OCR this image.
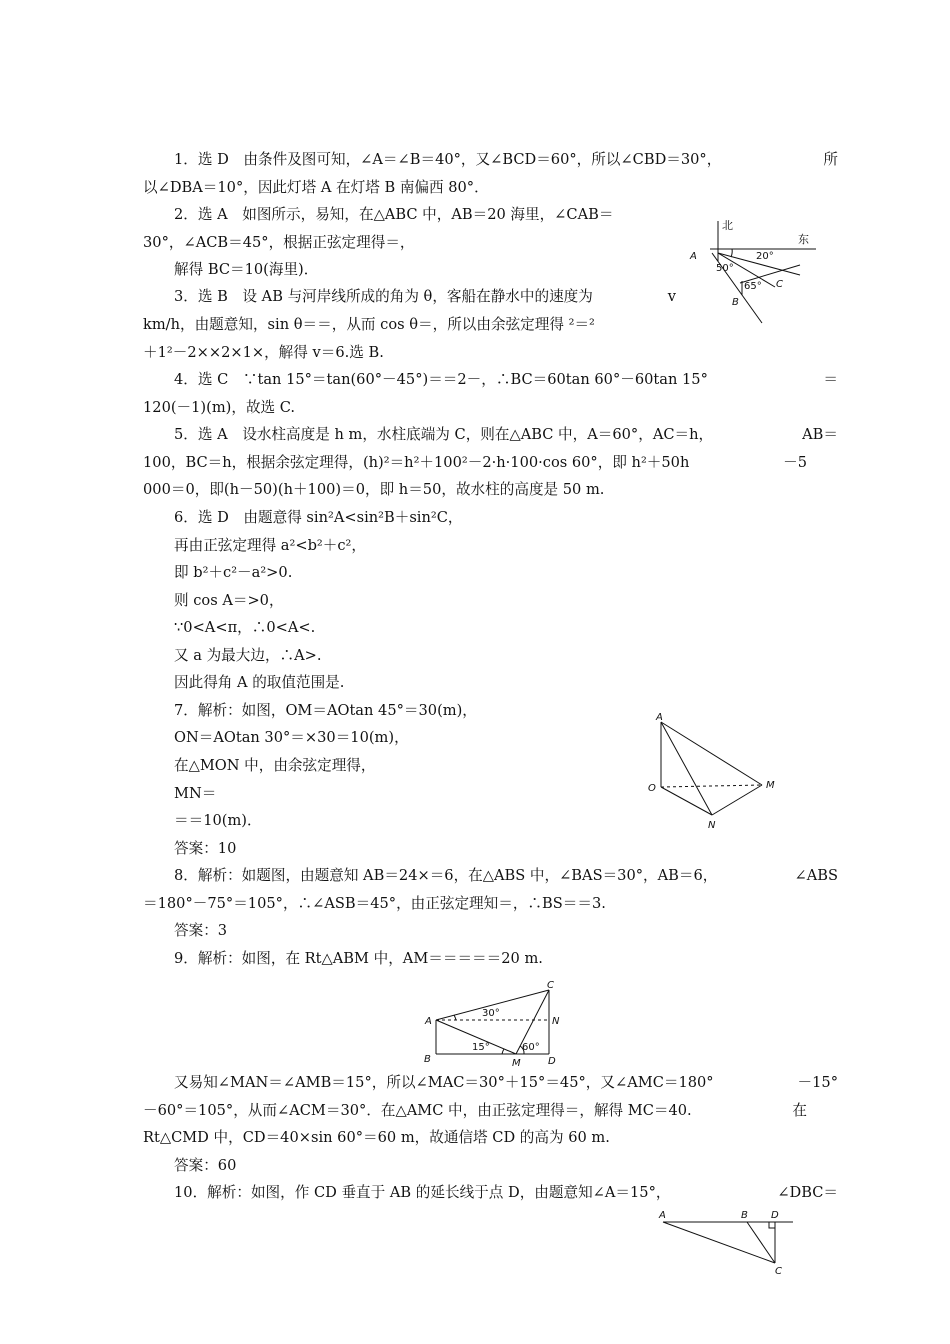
1．选 D　由条件及图可知，∠A＝∠B＝40°，又∠BCD＝60°，所以∠CBD＝30°，	所
以∠DBA＝10°，因此灯塔 A 在灯塔 B 南偏西 80°．
2．选 A　如图所示，易知，在△ABC 中，AB＝20 海里，∠CAB＝
30°，∠ACB＝45°，根据正弦定理得＝，
解得 BC＝10(海里)．
3．选 B　设 AB 与河岸线所成的角为 θ，客船在静水中的速度为	v
km/h，由题意知，sin θ＝＝，从而 cos θ＝，所以由余弦定理得 ²＝²
＋1²－2××2×1×，解得 v＝6.选 B.
4．选 C　∵tan 15°＝tan(60°－45°)＝＝2－，∴BC＝60tan 60°－60tan 15°	＝
120(－1)(m)，故选 C.
5．选 A　设水柱高度是 h m，水柱底端为 C，则在△ABC 中，A＝60°，AC＝h，	AB＝
100，BC＝h，根据余弦定理得，(h)²＝h²＋100²－2·h·100·cos 60°，即 h²＋50h	－5
000＝0，即(h－50)(h＋100)＝0，即 h＝50，故水柱的高度是 50 m.
6．选 D　由题意得 sin²A<sin²B＋sin²C，
再由正弦定理得 a²<b²＋c²，
即 b²＋c²－a²>0.
则 cos A＝>0，
∵0<A<π，∴0<A<.
又 a 为最大边，∴A>.
因此得角 A 的取值范围是.
7．解析：如图，OM＝AOtan 45°＝30(m)，
ON＝AOtan 30°＝×30＝10(m)，
在△MON 中，由余弦定理得，
MN＝
＝＝10(m)．
答案：10
8．解析：如题图，由题意知 AB＝24×＝6，在△ABS 中，∠BAS＝30°，AB＝6，	∠ABS
＝180°－75°＝105°，∴∠ASB＝45°，由正弦定理知＝，∴BS＝＝3.
答案：3
9．解析：如图，在 Rt△ABM 中，AM＝＝＝＝＝20 m.
又易知∠MAN＝∠AMB＝15°，所以∠MAC＝30°＋15°＝45°，又∠AMC＝180°	－15°
－60°＝105°，从而∠ACM＝30°．在△AMC 中，由正弦定理得＝，解得 MC＝40.	在
Rt△CMD 中，CD＝40×sin 60°＝60 m，故通信塔 CD 的高为 60 m.
答案：60
10．解析：如图，作 CD 垂直于 AB 的延长线于点 D，由题意知∠A＝15°，	∠DBC＝
北
东
A
B
C
20°
50°
65°
A
O	M
N
A
B
C
D
M
N
30°
15°	60°
A	B D
C
